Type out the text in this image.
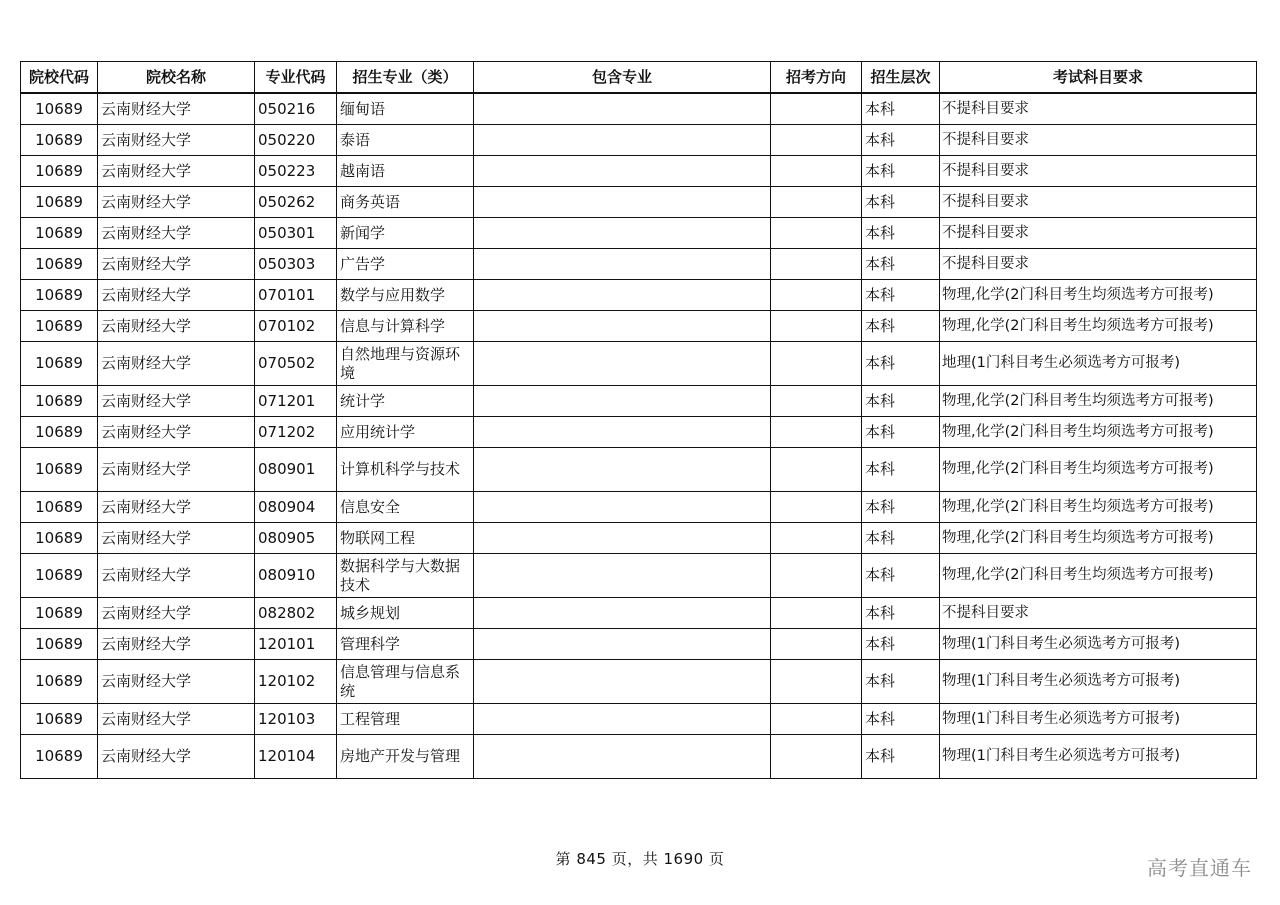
院校代码	院校名称	专业代码	招生专业（类）	包含专业	招考方向	招生层次	考试科目要求
10689	云南财经大学	050216	缅甸语			本科	不提科目要求
10689	云南财经大学	050220	泰语			本科	不提科目要求
10689	云南财经大学	050223	越南语			本科	不提科目要求
10689	云南财经大学	050262	商务英语			本科	不提科目要求
10689	云南财经大学	050301	新闻学			本科	不提科目要求
10689	云南财经大学	050303	广告学			本科	不提科目要求
10689	云南财经大学	070101	数学与应用数学			本科	物理,化学(2门科目考生均须选考方可报考)
10689	云南财经大学	070102	信息与计算科学			本科	物理,化学(2门科目考生均须选考方可报考)
10689	云南财经大学	070502	自然地理与资源环境			本科	地理(1门科目考生必须选考方可报考)
10689	云南财经大学	071201	统计学			本科	物理,化学(2门科目考生均须选考方可报考)
10689	云南财经大学	071202	应用统计学			本科	物理,化学(2门科目考生均须选考方可报考)
10689	云南财经大学	080901	计算机科学与技术			本科	物理,化学(2门科目考生均须选考方可报考)
10689	云南财经大学	080904	信息安全			本科	物理,化学(2门科目考生均须选考方可报考)
10689	云南财经大学	080905	物联网工程			本科	物理,化学(2门科目考生均须选考方可报考)
10689	云南财经大学	080910	数据科学与大数据技术			本科	物理,化学(2门科目考生均须选考方可报考)
10689	云南财经大学	082802	城乡规划			本科	不提科目要求
10689	云南财经大学	120101	管理科学			本科	物理(1门科目考生必须选考方可报考)
10689	云南财经大学	120102	信息管理与信息系统			本科	物理(1门科目考生必须选考方可报考)
10689	云南财经大学	120103	工程管理			本科	物理(1门科目考生必须选考方可报考)
10689	云南财经大学	120104	房地产开发与管理			本科	物理(1门科目考生必须选考方可报考)
第 845 页，共 1690 页	高考直通车
